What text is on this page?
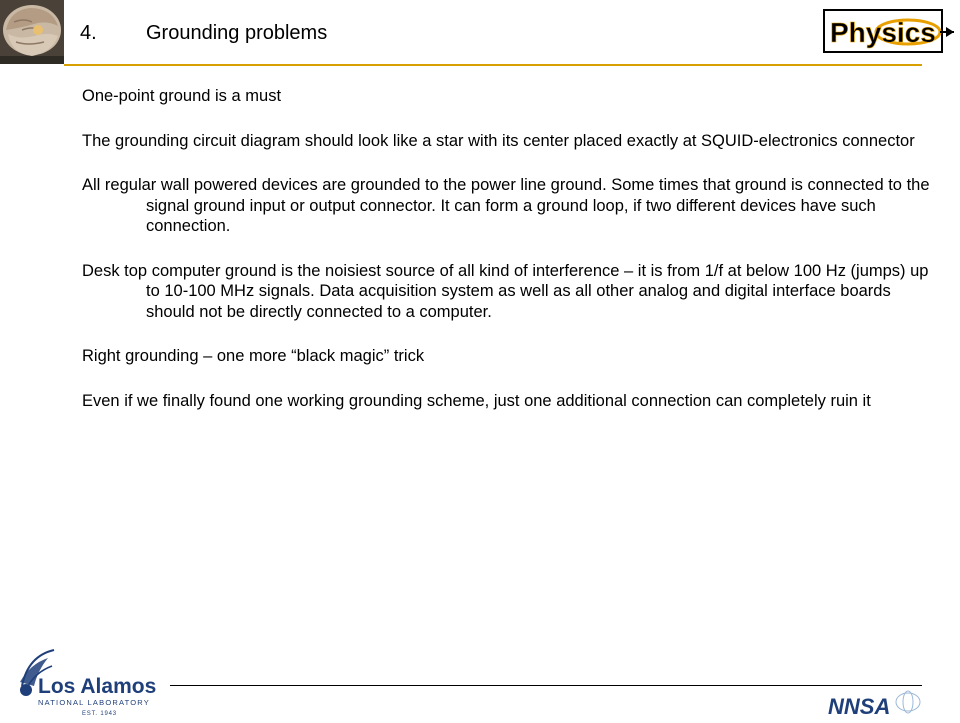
4. Grounding problems	Physics

One-point ground is a must

The grounding circuit diagram should look like a star with its center placed exactly at SQUID-electronics connector

All regular wall powered devices are grounded to the power line ground. Some times that ground is connected to the signal ground input or output connector. It can form a ground loop, if two different devices have such connection.

Desk top computer ground is the noisiest source of all kind of interference – it is from 1/f at below 100 Hz (jumps) up to 10-100 MHz signals. Data acquisition system as well as all other analog and digital interface boards should not be directly connected to a computer.

Right grounding – one more “black magic” trick

Even if we finally found one working grounding scheme, just one additional connection can completely ruin it

Los Alamos
NATIONAL LABORATORY
EST. 1943	NNSA
